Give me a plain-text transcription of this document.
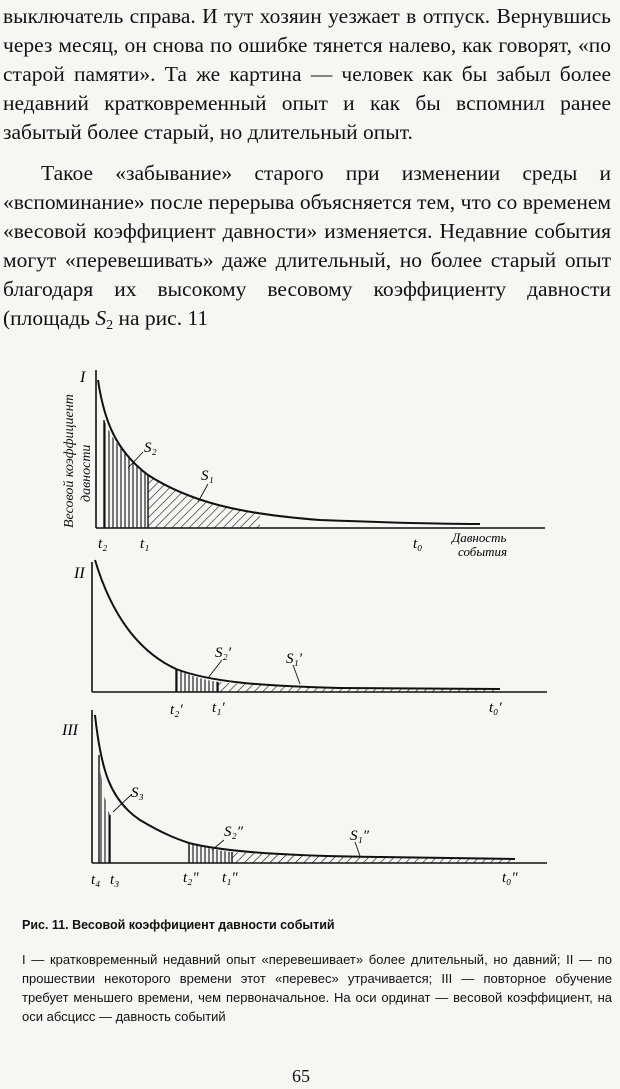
выключатель справа. И тут хозяин уезжает в отпуск. Вернувшись через месяц, он снова по ошибке тянется налево, как говорят, «по старой памяти». Та же картина — человек как бы забыл более недавний кратковременный опыт и как бы вспомнил ранее забытый более старый, но длительный опыт.

Такое «забывание» старого при изменении среды и «вспоминание» после перерыва объясняется тем, что со временем «весовой коэффициент давности» изменяется. Недавние события могут «перевешивать» даже длительный, но более старый опыт благодаря их высокому весовому коэффициенту давности (площадь $S_2$ на рис. 11

Весовой коэффициент давности
I
S₂
S₁
t₂ t₁	t₀ Давность
события
II
S₂′	S₁′
t₂′ t₁′	t₀′
III
S₃
S₂″	S₁″
t₄ t₃	t₂″ t₁″	t₀″

Рис. 11. Весовой коэффициент давности событий

I — кратковременный недавний опыт «перевешивает» более длительный, но давний; II — по прошествии некоторого времени этот «перевес» утрачивается; III — повторное обучение требует меньшего времени, чем первоначальное. На оси ординат — весовой коэффициент, на оси абсцисс — давность событий

65
